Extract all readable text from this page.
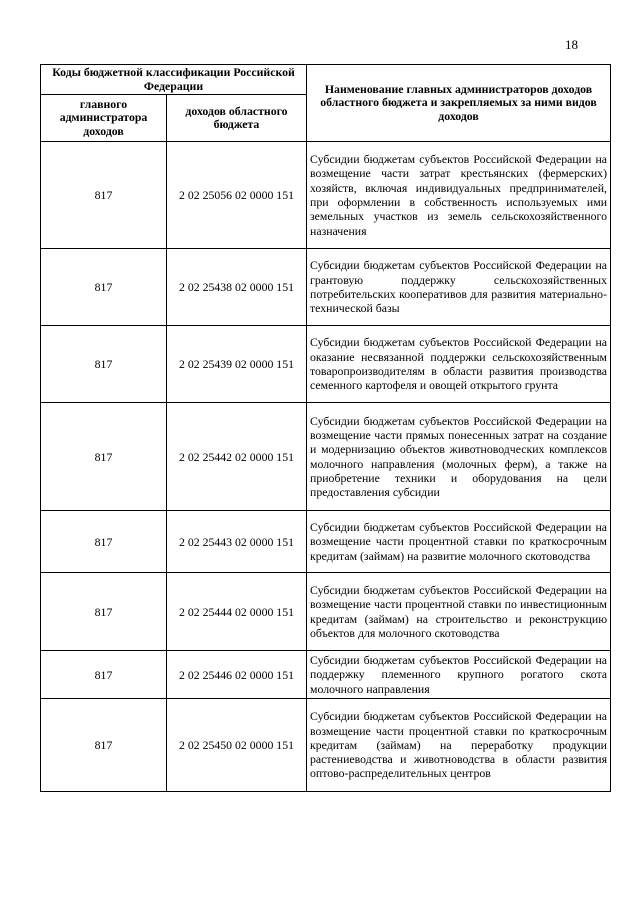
18
Коды бюджетной классификации Российской Федерации		Наименование главных администраторов доходов областного бюджета и закрепляемых за ними видов доходов
главного администратора доходов	доходов областного бюджета	
817	2 02 25056 02 0000 151	Субсидии бюджетам субъектов Российской Федерации на возмещение части затрат крестьянских (фермерских) хозяйств, включая индивидуальных предпринимателей, при оформлении в собственность используемых ими земельных участков из земель сельскохозяйственного назначения
817	2 02 25438 02 0000 151	Субсидии бюджетам субъектов Российской Федерации на грантовую поддержку сельскохозяйственных потребительских кооперативов для развития материально-технической базы
817	2 02 25439 02 0000 151	Субсидии бюджетам субъектов Российской Федерации на оказание несвязанной поддержки сельскохозяйственным товаропроизводителям в области развития производства семенного картофеля и овощей открытого грунта
817	2 02 25442 02 0000 151	Субсидии бюджетам субъектов Российской Федерации на возмещение части прямых понесенных затрат на создание и модернизацию объектов животноводческих комплексов молочного направления (молочных ферм), а также на приобретение техники и оборудования на цели предоставления субсидии
817	2 02 25443 02 0000 151	Субсидии бюджетам субъектов Российской Федерации на возмещение части процентной ставки по краткосрочным кредитам (займам) на развитие молочного скотоводства
817	2 02 25444 02 0000 151	Субсидии бюджетам субъектов Российской Федерации на возмещение части процентной ставки по инвестиционным кредитам (займам) на строительство и реконструкцию объектов для молочного скотоводства
817	2 02 25446 02 0000 151	Субсидии бюджетам субъектов Российской Федерации на поддержку племенного крупного рогатого скота молочного направления
817	2 02 25450 02 0000 151	Субсидии бюджетам субъектов Российской Федерации на возмещение части процентной ставки по краткосрочным кредитам (займам) на переработку продукции растениеводства и животноводства в области развития оптово-распределительных центров
